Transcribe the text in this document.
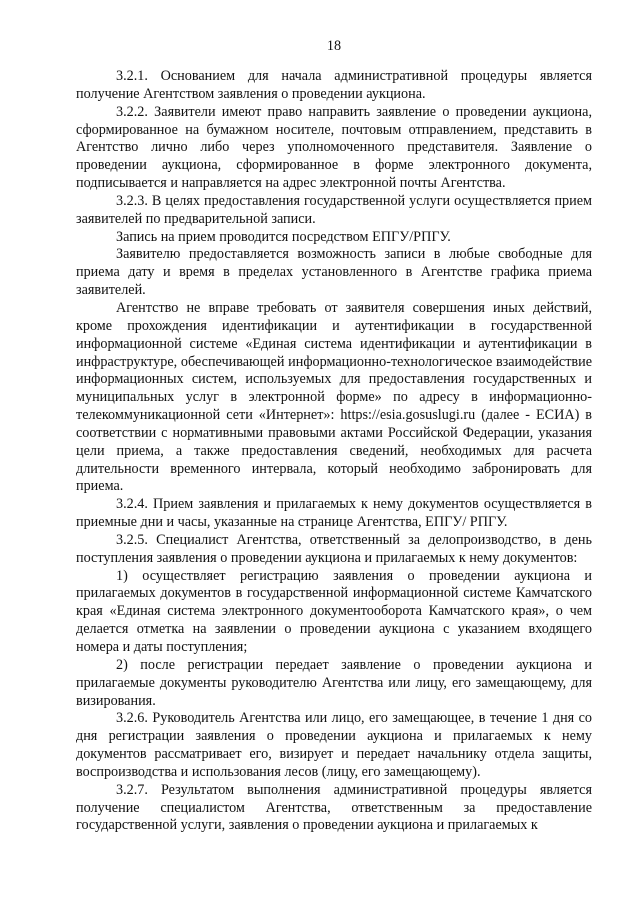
18

3.2.1. Основанием для начала административной процедуры является получение Агентством заявления о проведении аукциона.

3.2.2. Заявители имеют право направить заявление о проведении аукциона, сформированное на бумажном носителе, почтовым отправлением, представить в Агентство лично либо через уполномоченного представителя. Заявление о проведении аукциона, сформированное в форме электронного документа, подписывается и направляется на адрес электронной почты Агентства.

3.2.3. В целях предоставления государственной услуги осуществляется прием заявителей по предварительной записи.

Запись на прием проводится посредством ЕПГУ/РПГУ.

Заявителю предоставляется возможность записи в любые свободные для приема дату и время в пределах установленного в Агентстве графика приема заявителей.

Агентство не вправе требовать от заявителя совершения иных действий, кроме прохождения идентификации и аутентификации в государственной информационной системе «Единая система идентификации и аутентификации в инфраструктуре, обеспечивающей информационно-технологическое взаимодействие информационных систем, используемых для предоставления государственных и муниципальных услуг в электронной форме» по адресу в информационно-телекоммуникационной сети «Интернет»: https://esia.gosuslugi.ru (далее - ЕСИА) в соответствии с нормативными правовыми актами Российской Федерации, указания цели приема, а также предоставления сведений, необходимых для расчета длительности временного интервала, который необходимо забронировать для приема.

3.2.4. Прием заявления и прилагаемых к нему документов осуществляется в приемные дни и часы, указанные на странице Агентства, ЕПГУ/ РПГУ.

3.2.5. Специалист Агентства, ответственный за делопроизводство, в день поступления заявления о проведении аукциона и прилагаемых к нему документов:

1) осуществляет регистрацию заявления о проведении аукциона и прилагаемых документов в государственной информационной системе Камчатского края «Единая система электронного документооборота Камчатского края», о чем делается отметка на заявлении о проведении аукциона с указанием входящего номера и даты поступления;

2) после регистрации передает заявление о проведении аукциона и прилагаемые документы руководителю Агентства или лицу, его замещающему, для визирования.

3.2.6. Руководитель Агентства или лицо, его замещающее, в течение 1 дня со дня регистрации заявления о проведении аукциона и прилагаемых к нему документов рассматривает его, визирует и передает начальнику отдела защиты, воспроизводства и использования лесов (лицу, его замещающему).

3.2.7. Результатом выполнения административной процедуры является получение специалистом Агентства, ответственным за предоставление государственной услуги, заявления о проведении аукциона и прилагаемых к
